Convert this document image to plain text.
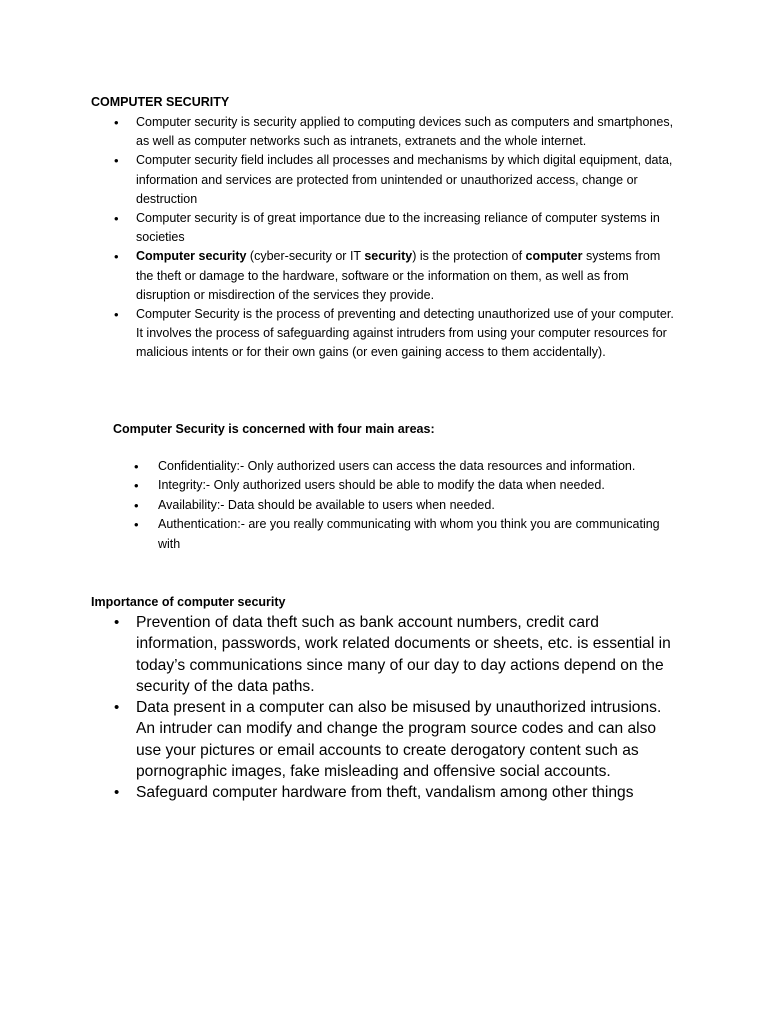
COMPUTER SECURITY
• Computer security is security applied to computing devices such as computers and smartphones, as well as computer networks such as intranets, extranets and the whole internet.
• Computer security field includes all processes and mechanisms by which digital equipment, data, information and services are protected from unintended or unauthorized access, change or destruction
• Computer security is of great importance due to the increasing reliance of computer systems in societies
• Computer security (cyber-security or IT security) is the protection of computer systems from the theft or damage to the hardware, software or the information on them, as well as from disruption or misdirection of the services they provide.
• Computer Security is the process of preventing and detecting unauthorized use of your computer. It involves the process of safeguarding against intruders from using your computer resources for malicious intents or for their own gains (or even gaining access to them accidentally).
Computer Security is concerned with four main areas:
• Confidentiality:- Only authorized users can access the data resources and information.
• Integrity:- Only authorized users should be able to modify the data when needed.
• Availability:- Data should be available to users when needed.
• Authentication:- are you really communicating with whom you think you are communicating with
Importance of computer security
• Prevention of data theft such as bank account numbers, credit card information, passwords, work related documents or sheets, etc. is essential in today’s communications since many of our day to day actions depend on the security of the data paths.
• Data present in a computer can also be misused by unauthorized intrusions. An intruder can modify and change the program source codes and can also use your pictures or email accounts to create derogatory content such as pornographic images, fake misleading and offensive social accounts.
• Safeguard computer hardware from theft, vandalism among other things
